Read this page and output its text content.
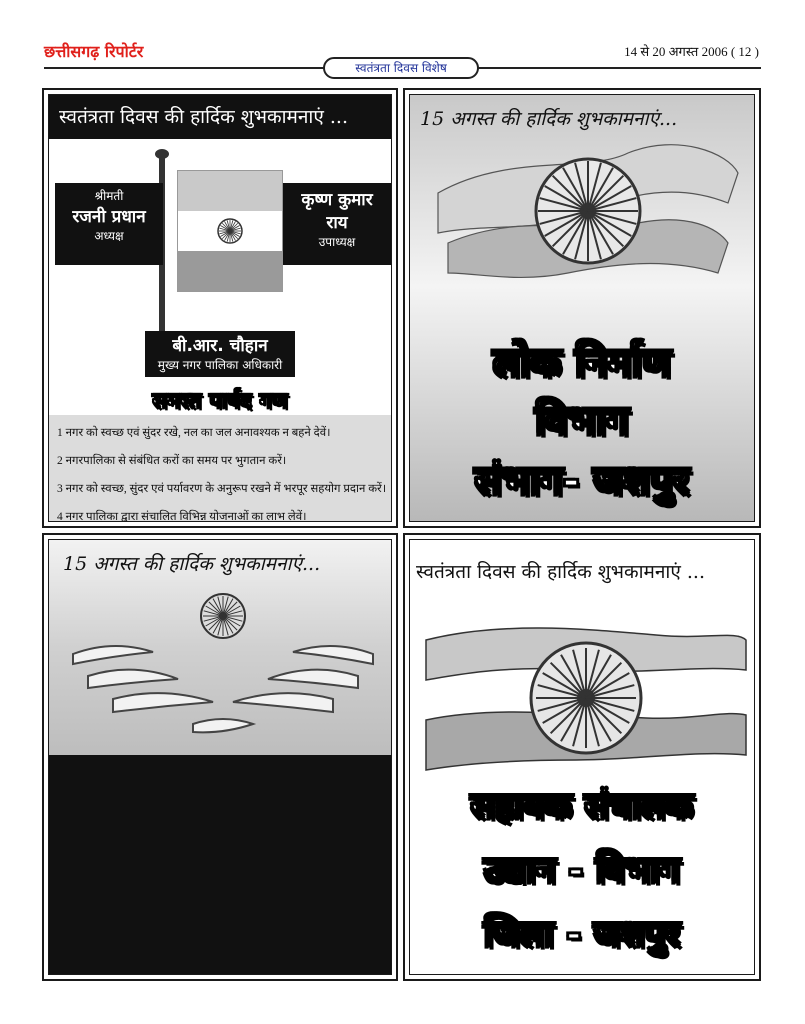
छत्तीसगढ़ रिपोर्टर	14 से 20 अगस्त 2006 ( 12 )
स्वतंत्रता दिवस विशेष
स्वतंत्रता दिवस की हार्दिक शुभकामनाएं ...
श्रीमती
रजनी प्रधान
अध्यक्ष
कृष्ण कुमार
राय
उपाध्यक्ष
बी.आर. चौहान
मुख्य नगर पालिका अधिकारी
समस्त पार्षद गण
1 नगर को स्वच्छ एवं सुंदर रखे, नल का जल अनावश्यक न बहने देवें।
2 नगरपालिका से संबंधित करों का समय पर भुगतान करें।
3 नगर को स्वच्छ, सुंदर एवं पर्यावरण के अनुरूप रखने में भरपूर सहयोग प्रदान करें।
4 नगर पालिका द्वारा संचालित विभिन्न योजनाओं का लाभ लेवें।
15 अगस्त की हार्दिक शुभकामनाएं...
लोक निर्माण
विभाग
संभाग- जशपुर
15 अगस्त की हार्दिक शुभकामनाएं...	स्वतंत्रता दिवस की हार्दिक शुभकामनाएं ...
सहायक संचालक
उद्यान - विभाग
जिला - जशपुर
